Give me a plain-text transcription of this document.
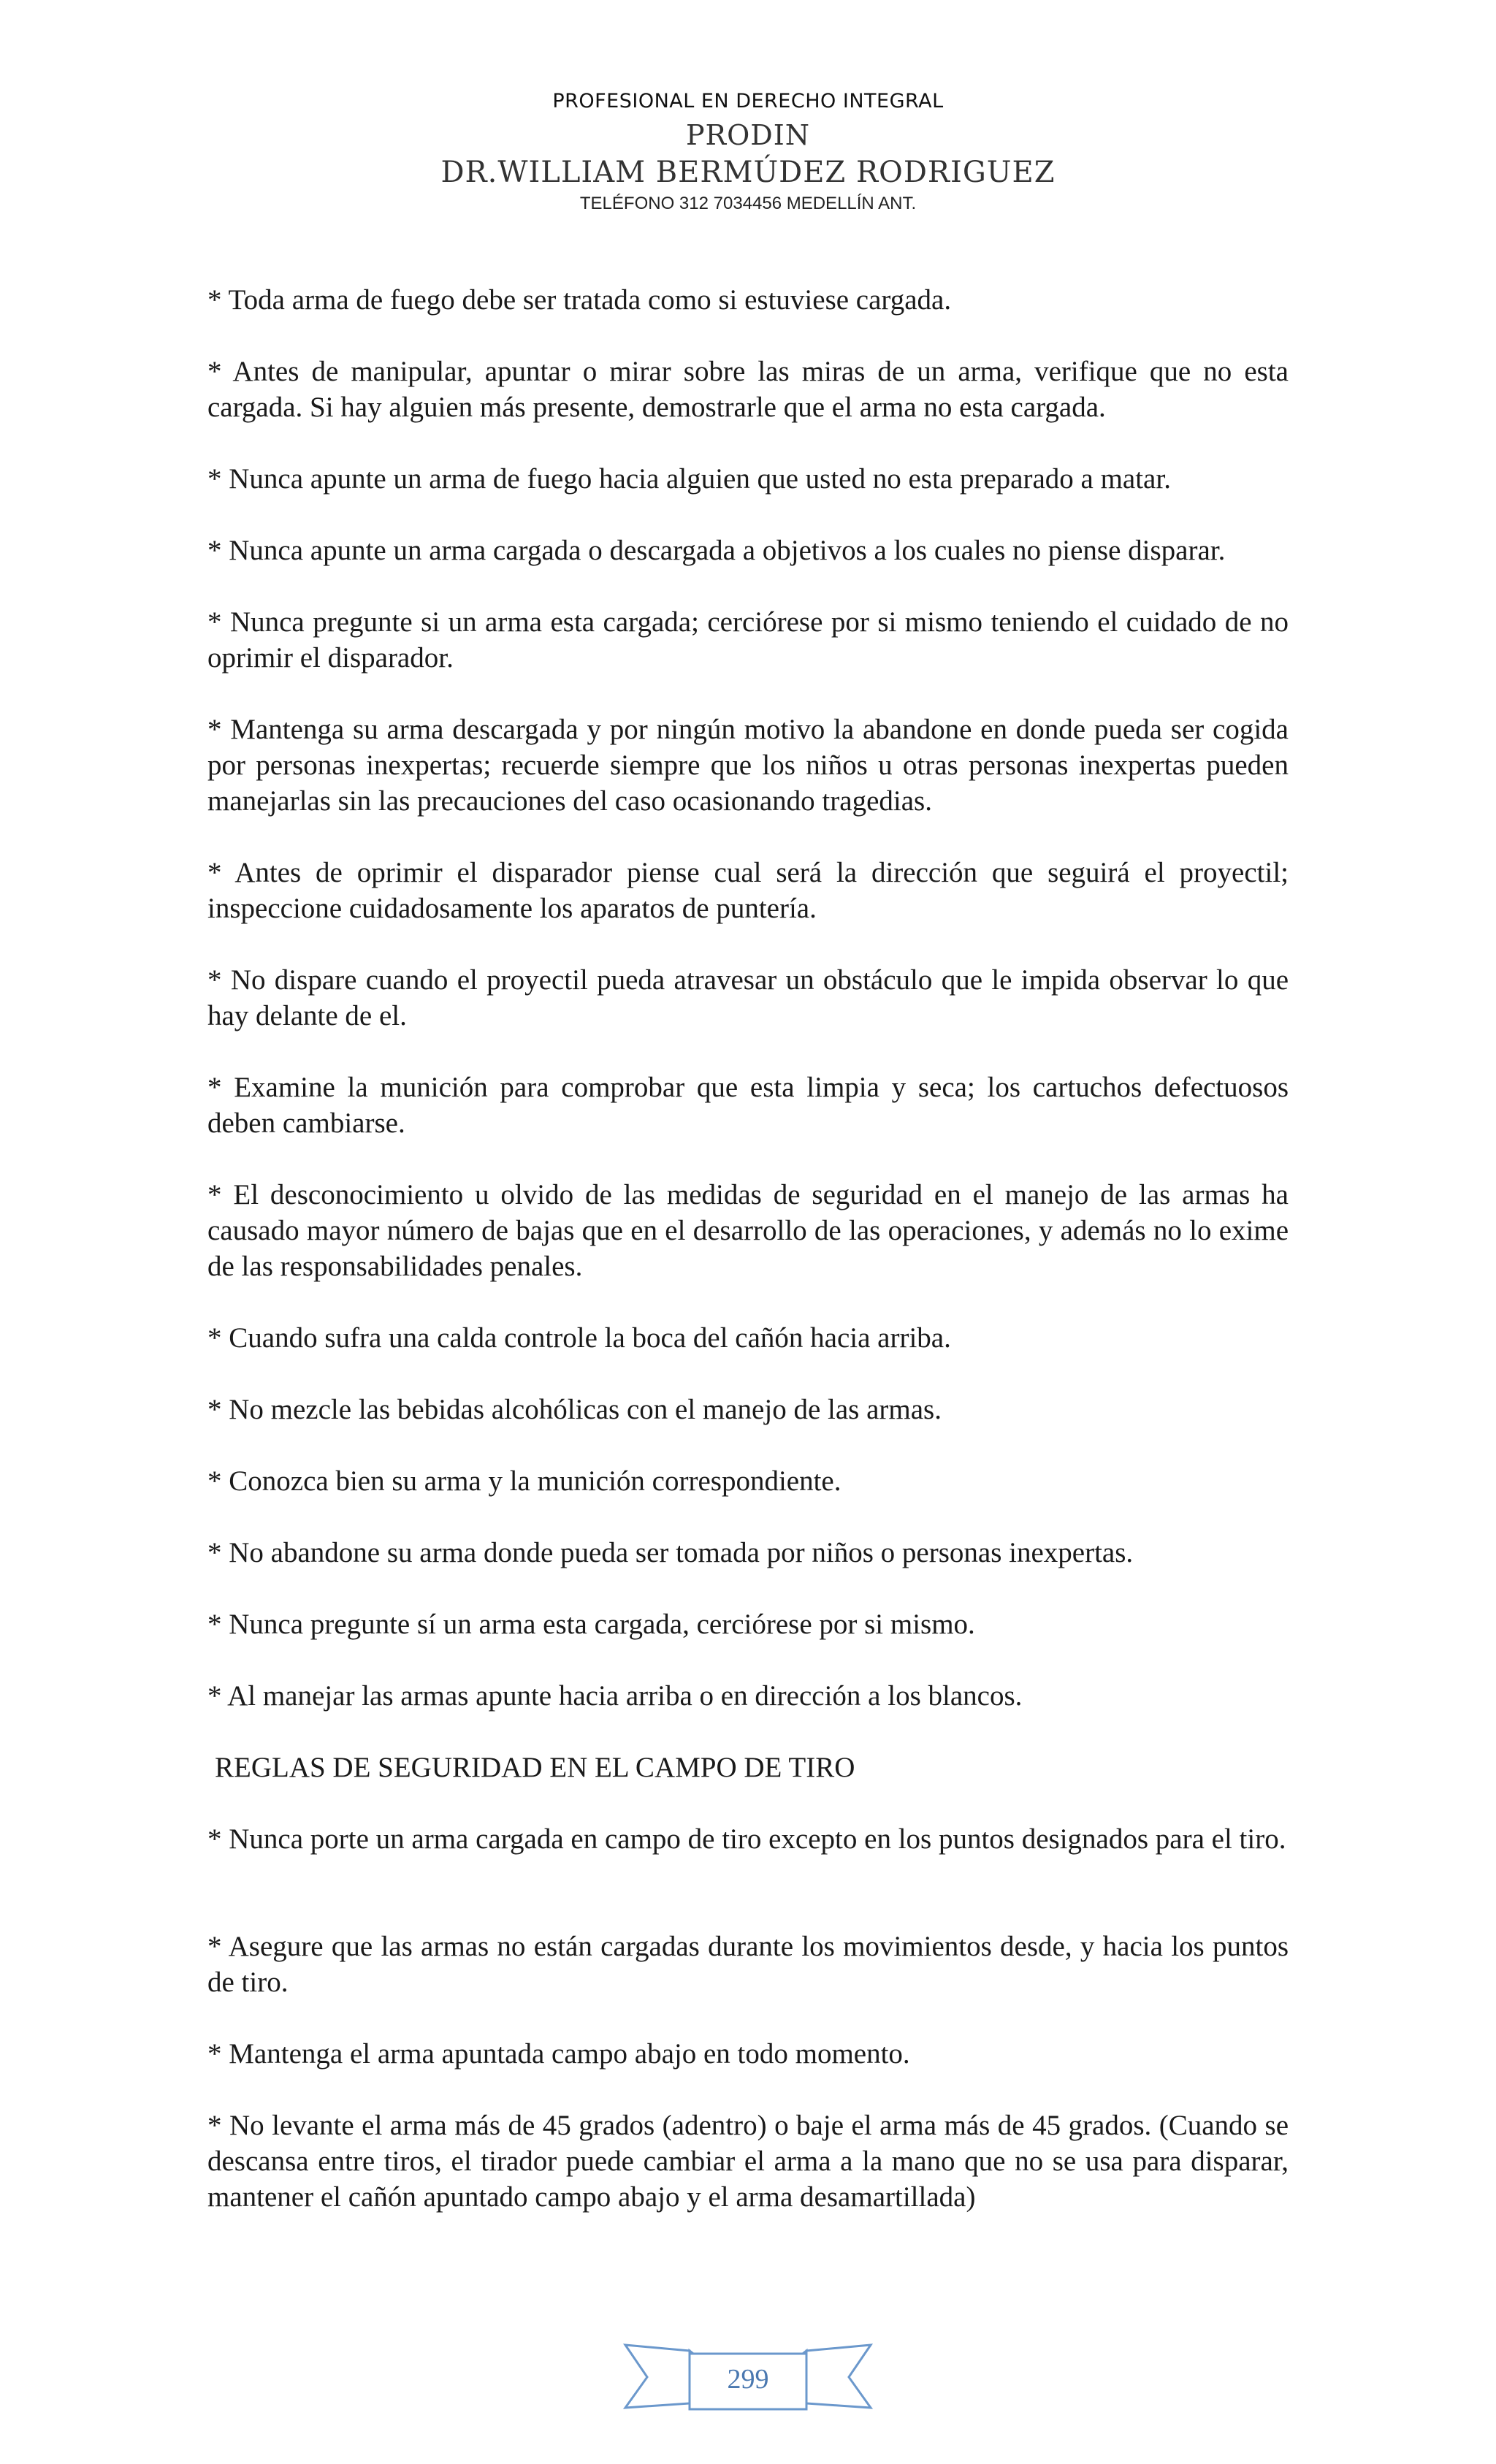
PROFESIONAL EN DERECHO INTEGRAL
PRODIN
DR.WILLIAM BERMÚDEZ RODRIGUEZ
TELÉFONO 312 7034456 MEDELLÍN ANT.

* Toda arma de fuego debe ser tratada como si estuviese cargada.

* Antes de manipular, apuntar o mirar sobre las miras de un arma, verifique que no esta cargada. Si hay alguien más presente, demostrarle que el arma no esta cargada.

* Nunca apunte un arma de fuego hacia alguien que usted no esta preparado a matar.

* Nunca apunte un arma cargada o descargada a objetivos a los cuales no piense disparar.

* Nunca pregunte si un arma esta cargada; cerciórese por si mismo teniendo el cuidado de no oprimir el disparador.

* Mantenga su arma descargada y por ningún motivo la abandone en donde pueda ser cogida por personas inexpertas; recuerde siempre que los niños u otras personas inexpertas pueden manejarlas sin las precauciones del caso ocasionando tragedias.

* Antes de oprimir el disparador piense cual será la dirección que seguirá el proyectil; inspeccione cuidadosamente los aparatos de puntería.

* No dispare cuando el proyectil pueda atravesar un obstáculo que le impida observar lo que hay delante de el.

* Examine la munición para comprobar que esta limpia y seca; los cartuchos defectuosos deben cambiarse.

* El desconocimiento u olvido de las medidas de seguridad en el manejo de las armas ha causado mayor número de bajas que en el desarrollo de las operaciones, y además no lo exime de las responsabilidades penales.

* Cuando sufra una calda controle la boca del cañón hacia arriba.

* No mezcle las bebidas alcohólicas con el manejo de las armas.

* Conozca bien su arma y la munición correspondiente.

* No abandone su arma donde pueda ser tomada por niños o personas inexpertas.

* Nunca pregunte sí un arma esta cargada, cerciórese por si mismo.

* Al manejar las armas apunte hacia arriba o en dirección a los blancos.

REGLAS DE SEGURIDAD EN EL CAMPO DE TIRO

* Nunca porte un arma cargada en campo de tiro excepto en los puntos designados para el tiro.

* Asegure que las armas no están cargadas durante los movimientos desde, y hacia los puntos de tiro.

* Mantenga el arma apuntada campo abajo en todo momento.

* No levante el arma más de 45 grados (adentro) o baje el arma más de 45 grados. (Cuando se descansa entre tiros, el tirador puede cambiar el arma a la mano que no se usa para disparar, mantener el cañón apuntado campo abajo y el arma desamartillada)

299
